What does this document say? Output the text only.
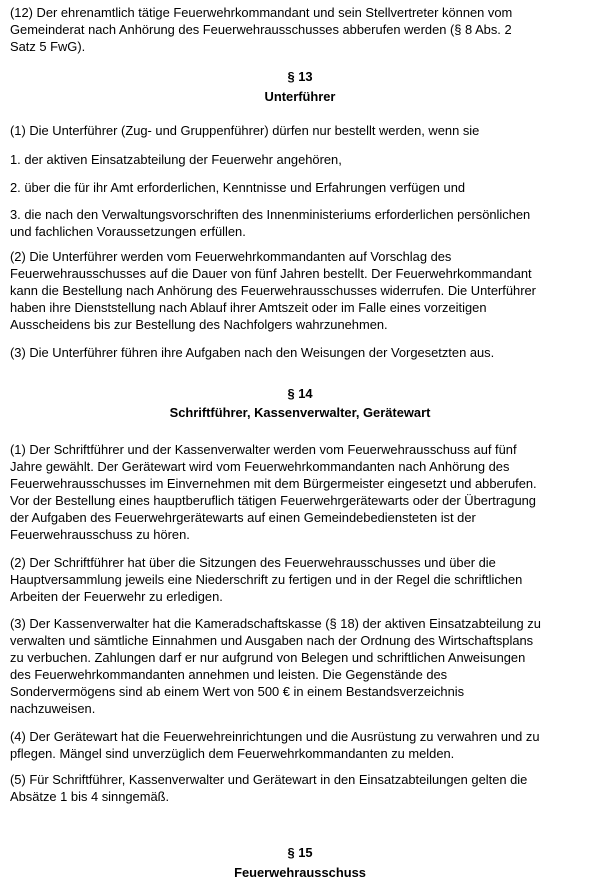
(12) Der ehrenamtlich tätige Feuerwehrkommandant und sein Stellvertreter können vom
Gemeinderat nach Anhörung des Feuerwehrausschusses abberufen werden (§ 8 Abs. 2
Satz 5 FwG).
§ 13
Unterführer
(1) Die Unterführer (Zug- und Gruppenführer) dürfen nur bestellt werden, wenn sie
1. der aktiven Einsatzabteilung der Feuerwehr angehören,
2. über die für ihr Amt erforderlichen, Kenntnisse und Erfahrungen verfügen und
3. die nach den Verwaltungsvorschriften des Innenministeriums erforderlichen persönlichen
und fachlichen Voraussetzungen erfüllen.
(2) Die Unterführer werden vom Feuerwehrkommandanten auf Vorschlag des
Feuerwehrausschusses auf die Dauer von fünf Jahren bestellt. Der Feuerwehrkommandant
kann die Bestellung nach Anhörung des Feuerwehrausschusses widerrufen. Die Unterführer
haben ihre Dienststellung nach Ablauf ihrer Amtszeit oder im Falle eines vorzeitigen
Ausscheidens bis zur Bestellung des Nachfolgers wahrzunehmen.
(3) Die Unterführer führen ihre Aufgaben nach den Weisungen der Vorgesetzten aus.
§ 14
Schriftführer, Kassenverwalter, Gerätewart
(1) Der Schriftführer und der Kassenverwalter werden vom Feuerwehrausschuss auf fünf
Jahre gewählt. Der Gerätewart wird vom Feuerwehrkommandanten nach Anhörung des
Feuerwehrausschusses im Einvernehmen mit dem Bürgermeister eingesetzt und abberufen.
Vor der Bestellung eines hauptberuflich tätigen Feuerwehrgerätewarts oder der Übertragung
der Aufgaben des Feuerwehrgerätewarts auf einen Gemeindebediensteten ist der
Feuerwehrausschuss zu hören.
(2) Der Schriftführer hat über die Sitzungen des Feuerwehrausschusses und über die
Hauptversammlung jeweils eine Niederschrift zu fertigen und in der Regel die schriftlichen
Arbeiten der Feuerwehr zu erledigen.
(3) Der Kassenverwalter hat die Kameradschaftskasse (§ 18) der aktiven Einsatzabteilung zu
verwalten und sämtliche Einnahmen und Ausgaben nach der Ordnung des Wirtschaftsplans
zu verbuchen. Zahlungen darf er nur aufgrund von Belegen und schriftlichen Anweisungen
des Feuerwehrkommandanten annehmen und leisten. Die Gegenstände des
Sondervermögens sind ab einem Wert von 500 € in einem Bestandsverzeichnis
nachzuweisen.
(4) Der Gerätewart hat die Feuerwehreinrichtungen und die Ausrüstung zu verwahren und zu
pflegen. Mängel sind unverzüglich dem Feuerwehrkommandanten zu melden.
(5) Für Schriftführer, Kassenverwalter und Gerätewart in den Einsatzabteilungen gelten die
Absätze 1 bis 4 sinngemäß.
§ 15
Feuerwehrausschuss
